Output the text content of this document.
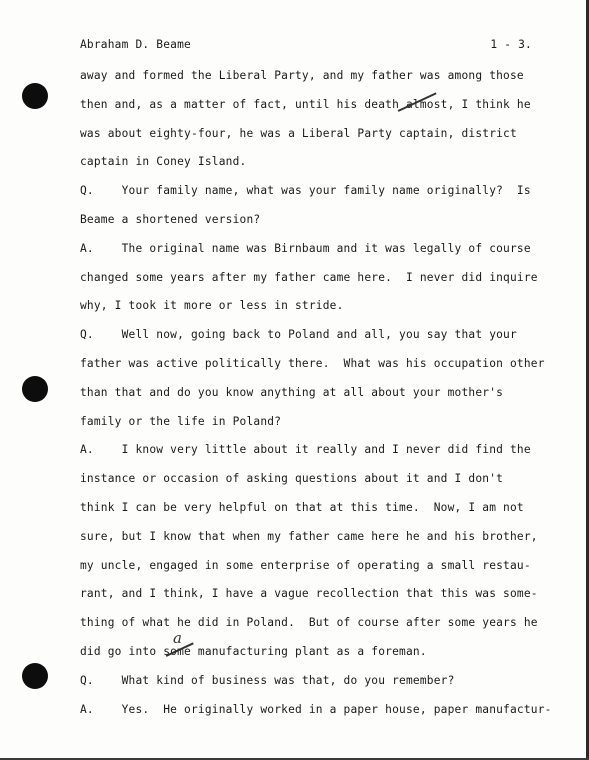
Abraham D. Beame	1 - 3.
away and formed the Liberal Party, and my father was among those
then and, as a matter of fact, until his death almost, I think he
was about eighty-four, he was a Liberal Party captain, district
captain in Coney Island.
Q.    Your family name, what was your family name originally?  Is
Beame a shortened version?
A.    The original name was Birnbaum and it was legally of course
changed some years after my father came here.  I never did inquire
why, I took it more or less in stride.
Q.    Well now, going back to Poland and all, you say that your
father was active politically there.  What was his occupation other
than that and do you know anything at all about your mother's
family or the life in Poland?
A.    I know very little about it really and I never did find the
instance or occasion of asking questions about it and I don't
think I can be very helpful on that at this time.  Now, I am not
sure, but I know that when my father came here he and his brother,
my uncle, engaged in some enterprise of operating a small restau-
rant, and I think, I have a vague recollection that this was some-
thing of what he did in Poland.  But of course after some years he
did go into some manufacturing plant as a foreman.
Q.    What kind of business was that, do you remember?
A.    Yes.  He originally worked in a paper house, paper manufactur-
a
